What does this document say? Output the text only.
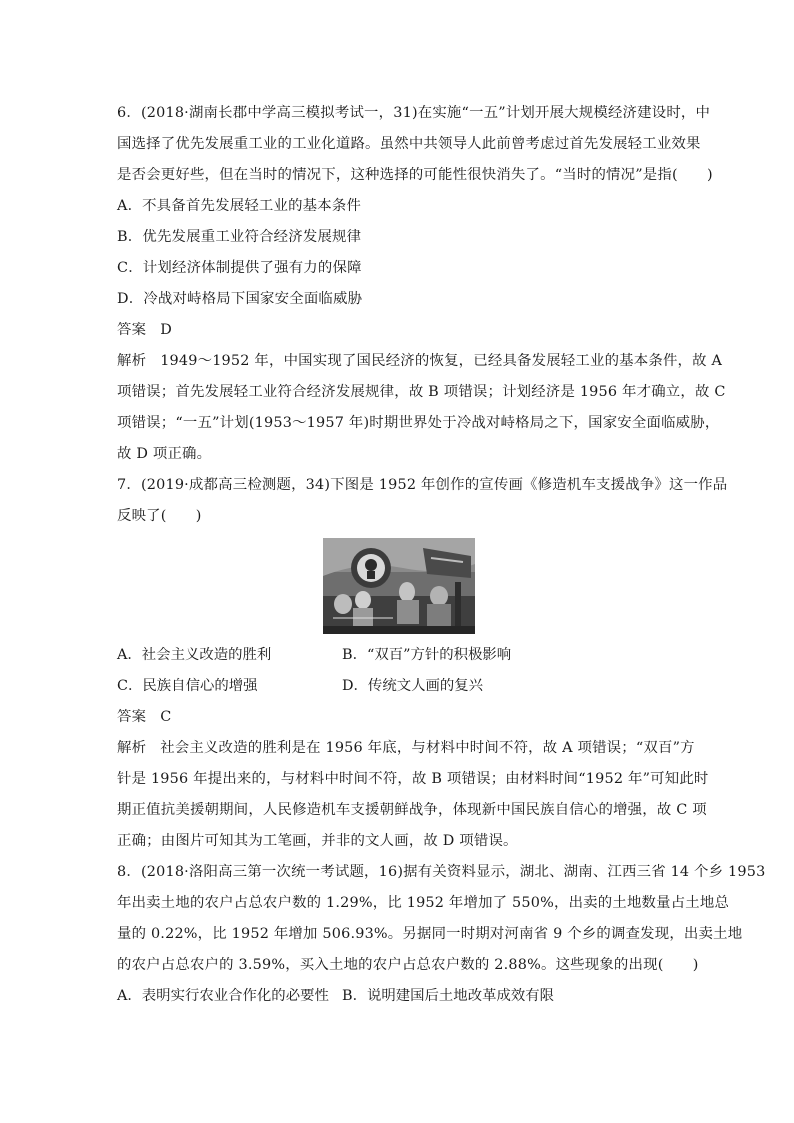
6．(2018·湖南长郡中学高三模拟考试一，31)在实施“一五”计划开展大规模经济建设时，中
国选择了优先发展重工业的工业化道路。虽然中共领导人此前曾考虑过首先发展轻工业效果
是否会更好些，但在当时的情况下，这种选择的可能性很快消失了。“当时的情况”是指(　　)
A．不具备首先发展轻工业的基本条件
B．优先发展重工业符合经济发展规律
C．计划经济体制提供了强有力的保障
D．冷战对峙格局下国家安全面临威胁
答案 D
解析 1949～1952 年，中国实现了国民经济的恢复，已经具备发展轻工业的基本条件，故 A
项错误；首先发展轻工业符合经济发展规律，故 B 项错误；计划经济是 1956 年才确立，故 C
项错误；“一五”计划(1953～1957 年)时期世界处于冷战对峙格局之下，国家安全面临威胁，
故 D 项正确。
7．(2019·成都高三检测题，34)下图是 1952 年创作的宣传画《修造机车支援战争》这一作品
反映了(　　)
A．社会主义改造的胜利	B．“双百”方针的积极影响
C．民族自信心的增强	D．传统文人画的复兴
答案 C
解析 社会主义改造的胜利是在 1956 年底，与材料中时间不符，故 A 项错误；“双百”方
针是 1956 年提出来的，与材料中时间不符，故 B 项错误；由材料时间“1952 年”可知此时
期正值抗美援朝期间，人民修造机车支援朝鲜战争，体现新中国民族自信心的增强，故 C 项
正确；由图片可知其为工笔画，并非的文人画，故 D 项错误。
8．(2018·洛阳高三第一次统一考试题，16)据有关资料显示，湖北、湖南、江西三省 14 个乡 1953
年出卖土地的农户占总农户数的 1.29%，比 1952 年增加了 550%，出卖的土地数量占土地总
量的 0.22%，比 1952 年增加 506.93%。另据同一时期对河南省 9 个乡的调查发现，出卖土地
的农户占总农户的 3.59%，买入土地的农户占总农户数的 2.88%。这些现象的出现(　　)
A．表明实行农业合作化的必要性 B．说明建国后土地改革成效有限
